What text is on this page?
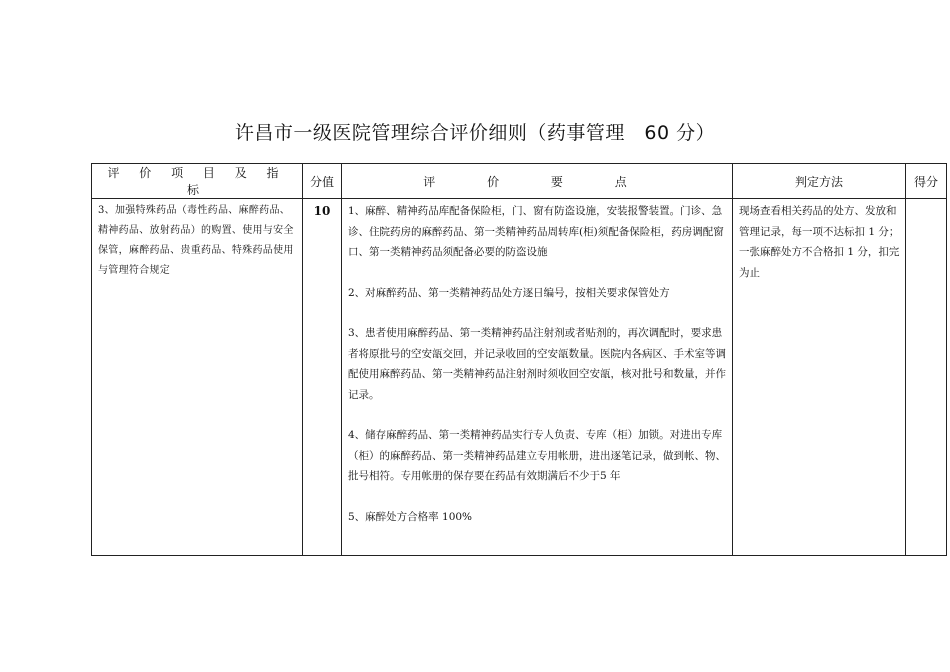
许昌市一级医院管理综合评价细则（药事管理　60 分）
评 价 项 目 及 指 标	分值	评 价 要 点	判定方法	得分

3、加强特殊药品（毒性药品、麻醉药品、精神药品、放射药品）的购置、使用与安全保管，麻醉药品、贵重药品、特殊药品使用与管理符合规定	10	1、麻醉、精神药品库配备保险柜，门、窗有防盗设施，安装报警装置。门诊、急诊、住院药房的麻醉药品、第一类精神药品周转库(柜)须配备保险柜，药房调配窗口、第一类精神药品须配备必要的防盗设施

2、对麻醉药品、第一类精神药品处方逐日编号，按相关要求保管处方

3、患者使用麻醉药品、第一类精神药品注射剂或者贴剂的，再次调配时，要求患者将原批号的空安瓿交回，并记录收回的空安瓿数量。医院内各病区、手术室等调配使用麻醉药品、第一类精神药品注射剂时须收回空安瓿，核对批号和数量，并作记录。

4、储存麻醉药品、第一类精神药品实行专人负责、专库（柜）加锁。对进出专库（柜）的麻醉药品、第一类精神药品建立专用帐册，进出逐笔记录，做到帐、物、批号相符。专用帐册的保存要在药品有效期满后不少于5 年

5、麻醉处方合格率 100%	现场查看相关药品的处方、发放和管理记录，每一项不达标扣 1 分；一张麻醉处方不合格扣 1 分，扣完为止	
